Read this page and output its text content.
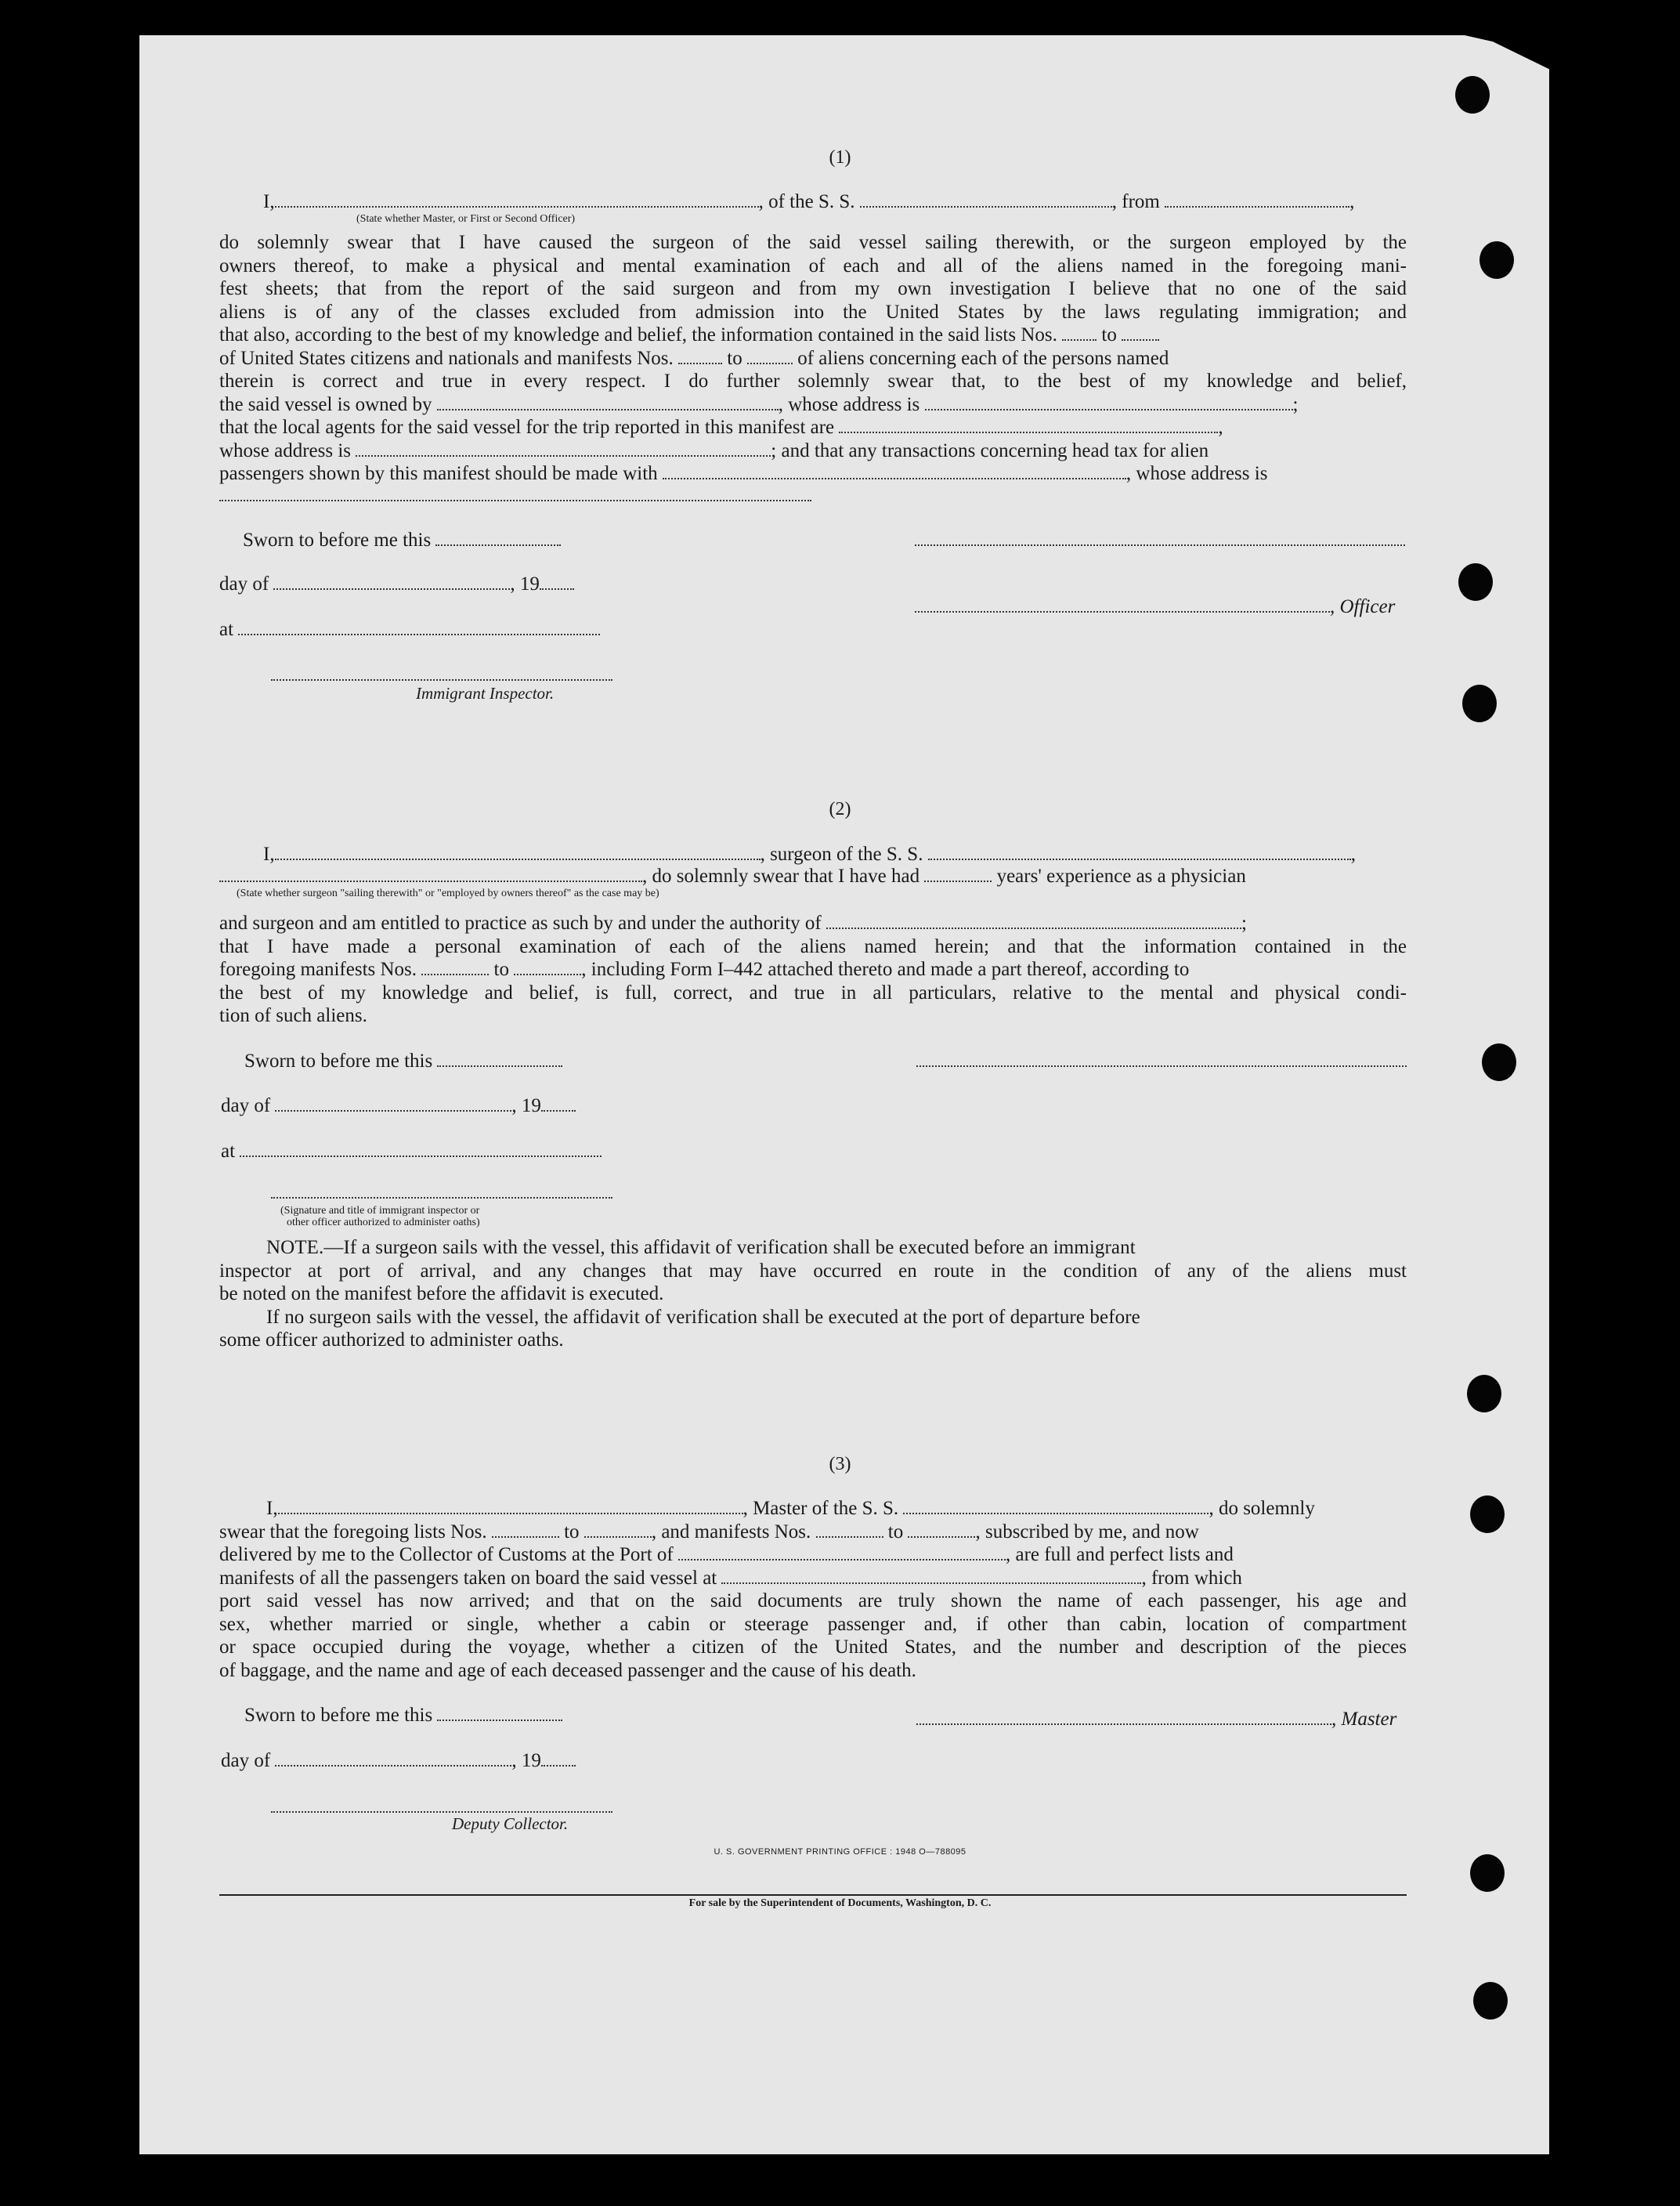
(1)
I,	, of the S. S.	, from	,
(State whether Master, or First or Second Officer)
do solemnly swear that I have caused the surgeon of the said vessel sailing therewith, or the surgeon employed by the
owners thereof, to make a physical and mental examination of each and all of the aliens named in the foregoing mani-
fest sheets; that from the report of the said surgeon and from my own investigation I believe that no one of the said
aliens is of any of the classes excluded from admission into the United States by the laws regulating immigration; and
that also, according to the best of my knowledge and belief, the information contained in the said lists Nos. to
of United States citizens and nationals and manifests Nos.	to	of aliens concerning each of the persons named
therein is correct and true in every respect. I do further solemnly swear that, to the best of my knowledge and belief,
the said vessel is owned by	, whose address is	;
that the local agents for the said vessel for the trip reported in this manifest are	,
whose address is	; and that any transactions concerning head tax for alien
passengers shown by this manifest should be made with	, whose address is
Sworn to before me this
day of	, 19
, Officer
at
Immigrant Inspector.
(2)
I,	, surgeon of the S. S.	,
, do solemnly swear that I have had	years' experience as a physician
(State whether surgeon "sailing therewith" or "employed by owners thereof" as the case may be)
and surgeon and am entitled to practice as such by and under the authority of	;
that I have made a personal examination of each of the aliens named herein; and that the information contained in the
foregoing manifests Nos.	to	, including Form I–442 attached thereto and made a part thereof, according to
the best of my knowledge and belief, is full, correct, and true in all particulars, relative to the mental and physical condi-
tion of such aliens.
Sworn to before me this
day of	, 19
at
(Signature and title of immigrant inspector or
other officer authorized to administer oaths)
NOTE.—If a surgeon sails with the vessel, this affidavit of verification shall be executed before an immigrant
inspector at port of arrival, and any changes that may have occurred en route in the condition of any of the aliens must
be noted on the manifest before the affidavit is executed.
If no surgeon sails with the vessel, the affidavit of verification shall be executed at the port of departure before
some officer authorized to administer oaths.
(3)
I,	, Master of the S. S.	, do solemnly
swear that the foregoing lists Nos.	to	, and manifests Nos.	to	, subscribed by me, and now
delivered by me to the Collector of Customs at the Port of	, are full and perfect lists and
manifests of all the passengers taken on board the said vessel at	, from which
port said vessel has now arrived; and that on the said documents are truly shown the name of each passenger, his age and
sex, whether married or single, whether a cabin or steerage passenger and, if other than cabin, location of compartment
or space occupied during the voyage, whether a citizen of the United States, and the number and description of the pieces
of baggage, and the name and age of each deceased passenger and the cause of his death.
Sworn to before me this	, Master
day of	, 19
Deputy Collector.
U. S. GOVERNMENT PRINTING OFFICE : 1948 O—788095
For sale by the Superintendent of Documents, Washington, D. C.
